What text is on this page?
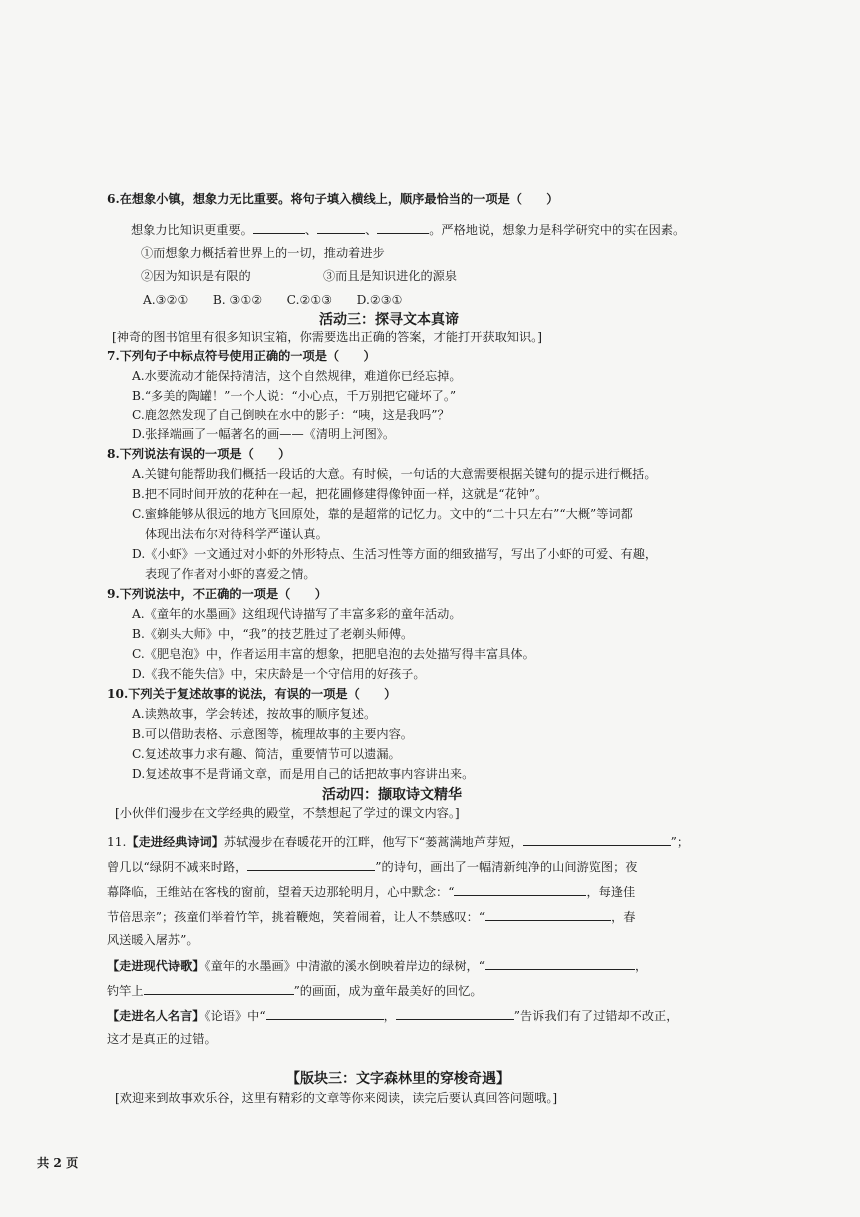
6.在想象小镇，想象力无比重要。将句子填入横线上，顺序最恰当的一项是（　　）
想象力比知识更重要。	、	、	。严格地说，想象力是科学研究中的实在因素。
①而想象力概括着世界上的一切，推动着进步
②因为知识是有限的	③而且是知识进化的源泉
A.③②①　　B. ③①②　　C.②①③　　D.②③①
活动三：探寻文本真谛
[神奇的图书馆里有很多知识宝箱，你需要选出正确的答案，才能打开获取知识。]
7.下列句子中标点符号使用正确的一项是（　　）
A.水要流动才能保持清洁，这个自然规律，难道你已经忘掉。
B.“多美的陶罐！”一个人说：“小心点，千万别把它碰坏了。”
C.鹿忽然发现了自己倒映在水中的影子：“咦，这是我吗”？
D.张择端画了一幅著名的画——《清明上河图》。
8.下列说法有误的一项是（　　）
A.关键句能帮助我们概括一段话的大意。有时候，一句话的大意需要根据关键句的提示进行概括。
B.把不同时间开放的花种在一起，把花圃修建得像钟面一样，这就是“花钟”。
C.蜜蜂能够从很远的地方飞回原处，靠的是超常的记忆力。文中的“二十只左右”“大概”等词都
体现出法布尔对待科学严谨认真。
D.《小虾》一文通过对小虾的外形特点、生活习性等方面的细致描写，写出了小虾的可爱、有趣，
表现了作者对小虾的喜爱之情。
9.下列说法中，不正确的一项是（　　）
A.《童年的水墨画》这组现代诗描写了丰富多彩的童年活动。
B.《剃头大师》中，“我”的技艺胜过了老剃头师傅。
C.《肥皂泡》中，作者运用丰富的想象，把肥皂泡的去处描写得丰富具体。
D.《我不能失信》中，宋庆龄是一个守信用的好孩子。
10.下列关于复述故事的说法，有误的一项是（　　）
A.读熟故事，学会转述，按故事的顺序复述。
B.可以借助表格、示意图等，梳理故事的主要内容。
C.复述故事力求有趣、简洁，重要情节可以遗漏。
D.复述故事不是背诵文章，而是用自己的话把故事内容讲出来。
活动四：撷取诗文精华
[小伙伴们漫步在文学经典的殿堂，不禁想起了学过的课文内容。]
11.【走进经典诗词】苏轼漫步在春暖花开的江畔，他写下“蒌蒿满地芦芽短，	”；
曾几以“绿阴不减来时路，	”的诗句，画出了一幅清新纯净的山间游览图；夜
幕降临，王维站在客栈的窗前，望着天边那轮明月，心中默念：“	，每逢佳
节倍思亲”；孩童们举着竹竿，挑着鞭炮，笑着闹着，让人不禁感叹：“	，春
风送暖入屠苏”。
【走进现代诗歌】《童年的水墨画》中清澈的溪水倒映着岸边的绿树，“	，
钓竿上	”的画面，成为童年最美好的回忆。
【走进名人名言】《论语》中“	，	”告诉我们有了过错却不改正，
这才是真正的过错。
【版块三：文字森林里的穿梭奇遇】
[欢迎来到故事欢乐谷，这里有精彩的文章等你来阅读，读完后要认真回答问题哦。]
共 2 页
